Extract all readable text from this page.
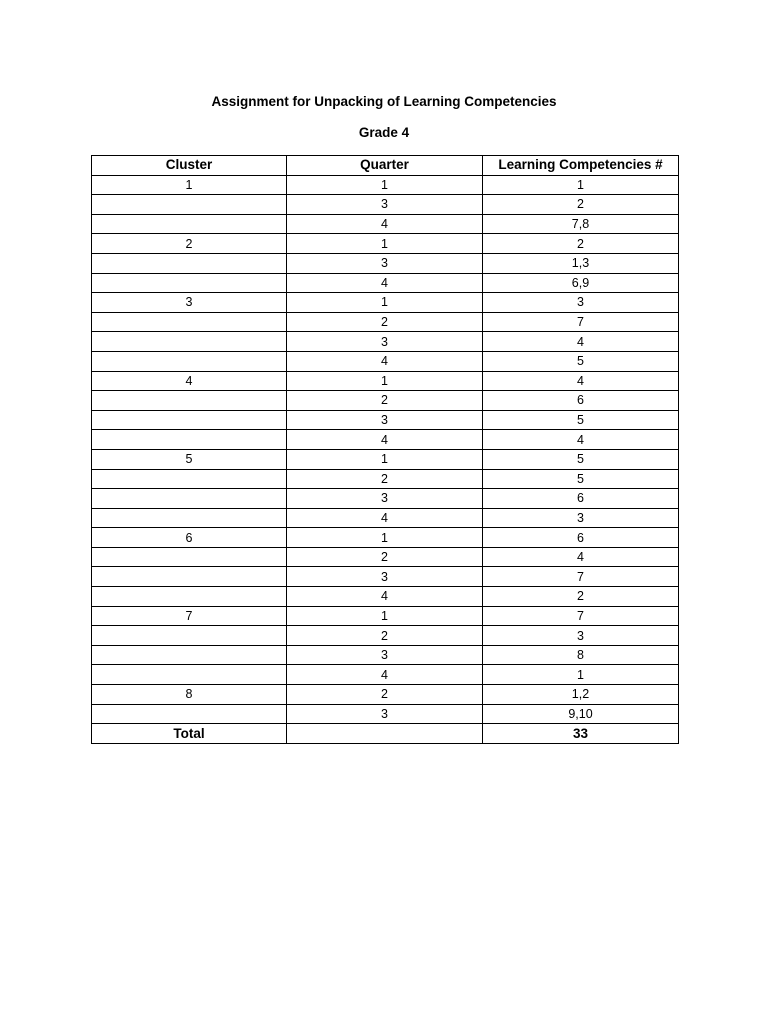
Assignment for Unpacking of Learning Competencies
Grade 4
Cluster	Quarter	Learning Competencies #
1	1	1
	3	2
	4	7,8
2	1	2
	3	1,3
	4	6,9
3	1	3
	2	7
	3	4
	4	5
4	1	4
	2	6
	3	5
	4	4
5	1	5
	2	5
	3	6
	4	3
6	1	6
	2	4
	3	7
	4	2
7	1	7
	2	3
	3	8
	4	1
8	2	1,2
	3	9,10
Total		33
